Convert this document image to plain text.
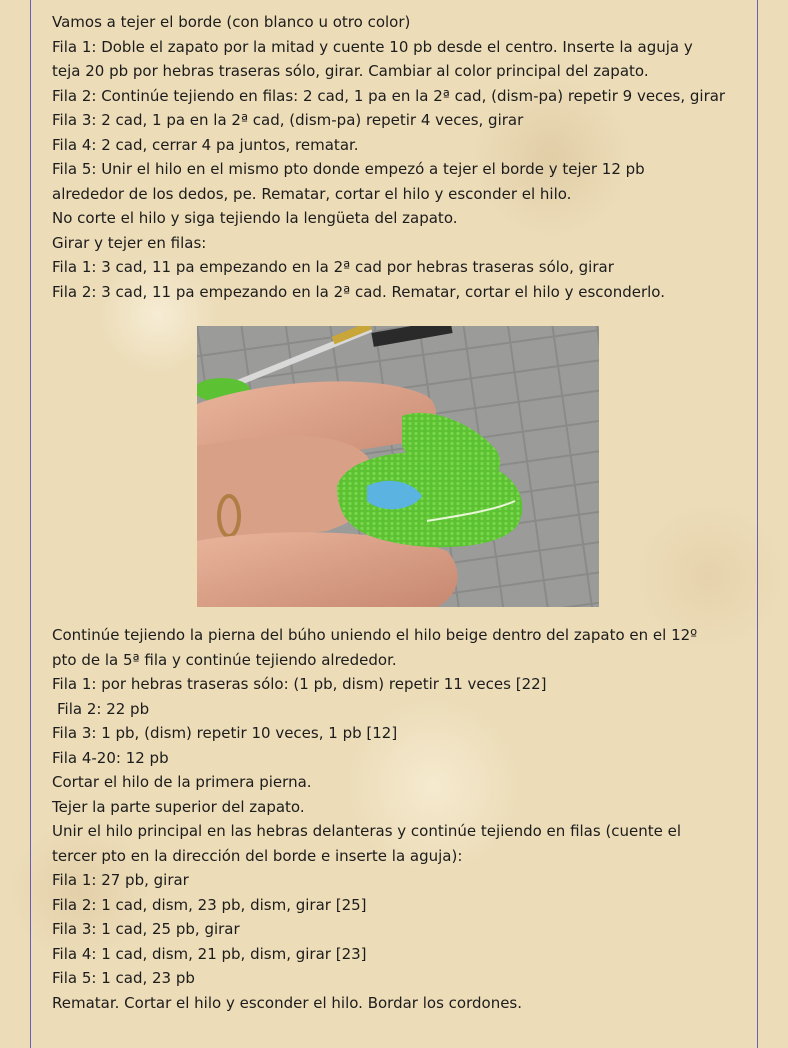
Vamos a tejer el borde (con blanco u otro color)
Fila 1: Doble el zapato por la mitad y cuente 10 pb desde el centro. Inserte la aguja y
teja 20 pb por hebras traseras sólo, girar. Cambiar al color principal del zapato.
Fila 2: Continúe tejiendo en filas: 2 cad, 1 pa en la 2ª cad, (dism-pa) repetir 9 veces, girar
Fila 3: 2 cad, 1 pa en la 2ª cad, (dism-pa) repetir 4 veces, girar
Fila 4: 2 cad, cerrar 4 pa juntos, rematar.
Fila 5: Unir el hilo en el mismo pto donde empezó a tejer el borde y tejer 12 pb
alrededor de los dedos, pe. Rematar, cortar el hilo y esconder el hilo.
No corte el hilo y siga tejiendo la lengüeta del zapato.
Girar y tejer en filas:
Fila 1: 3 cad, 11 pa empezando en la 2ª cad por hebras traseras sólo, girar
Fila 2: 3 cad, 11 pa empezando en la 2ª cad. Rematar, cortar el hilo y esconderlo.
Continúe tejiendo la pierna del búho uniendo el hilo beige dentro del zapato en el 12º
pto de la 5ª fila y continúe tejiendo alrededor.
Fila 1: por hebras traseras sólo: (1 pb, dism) repetir 11 veces [22]
Fila 2: 22 pb
Fila 3: 1 pb, (dism) repetir 10 veces, 1 pb [12]
Fila 4-20: 12 pb
Cortar el hilo de la primera pierna.
Tejer la parte superior del zapato.
Unir el hilo principal en las hebras delanteras y continúe tejiendo en filas (cuente el
tercer pto en la dirección del borde e inserte la aguja):
Fila 1: 27 pb, girar
Fila 2: 1 cad, dism, 23 pb, dism, girar [25]
Fila 3: 1 cad, 25 pb, girar
Fila 4: 1 cad, dism, 21 pb, dism, girar [23]
Fila 5: 1 cad, 23 pb
Rematar. Cortar el hilo y esconder el hilo. Bordar los cordones.
